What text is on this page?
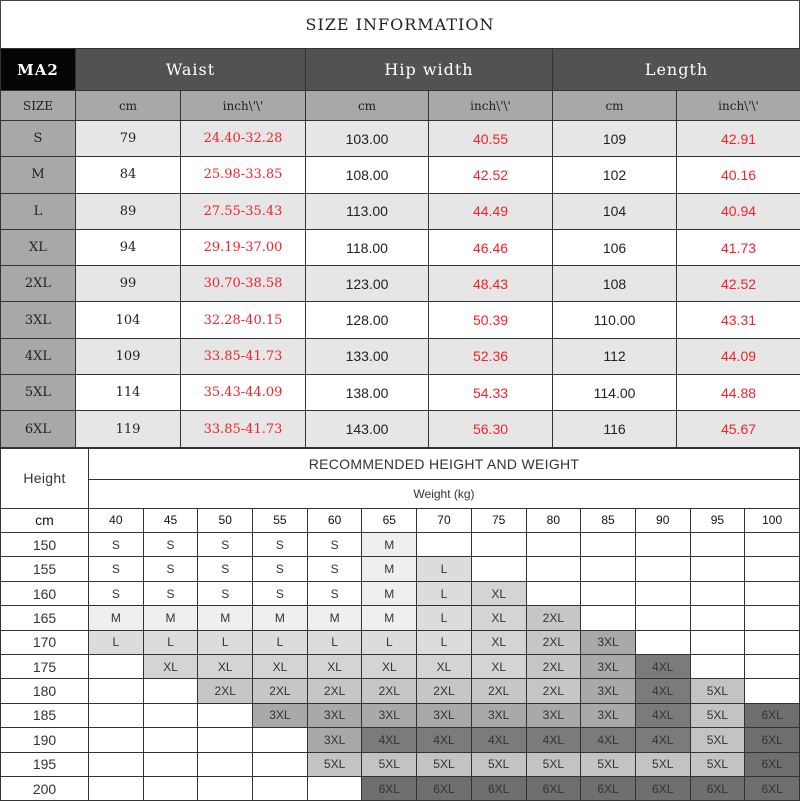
SIZE INFORMATION
MA2	Waist		Hip width		Length	
SIZE	cm	inch\'\'	cm	inch\'\'	cm	inch\'\'
S	79	24.40-32.28	103.00	40.55	109	42.91
M	84	25.98-33.85	108.00	42.52	102	40.16
L	89	27.55-35.43	113.00	44.49	104	40.94
XL	94	29.19-37.00	118.00	46.46	106	41.73
2XL	99	30.70-38.58	123.00	48.43	108	42.52
3XL	104	32.28-40.15	128.00	50.39	110.00	43.31
4XL	109	33.85-41.73	133.00	52.36	112	44.09
5XL	114	35.43-44.09	138.00	54.33	114.00	44.88
6XL	119	33.85-41.73	143.00	56.30	116	45.67
Height	RECOMMENDED HEIGHT AND WEIGHT												
	Weight (kg)												
cm	40	45	50	55	60	65	70	75	80	85	90	95	100
150	S	S	S	S	S	M							
155	S	S	S	S	S	M	L						
160	S	S	S	S	S	M	L	XL					
165	M	M	M	M	M	M	L	XL	2XL				
170	L	L	L	L	L	L	L	XL	2XL	3XL			
175		XL	XL	XL	XL	XL	XL	XL	2XL	3XL	4XL		
180			2XL	2XL	2XL	2XL	2XL	2XL	2XL	3XL	4XL	5XL	
185				3XL	3XL	3XL	3XL	3XL	3XL	3XL	4XL	5XL	6XL
190					3XL	4XL	4XL	4XL	4XL	4XL	4XL	5XL	6XL
195					5XL	5XL	5XL	5XL	5XL	5XL	5XL	5XL	6XL
200						6XL	6XL	6XL	6XL	6XL	6XL	6XL	6XL
